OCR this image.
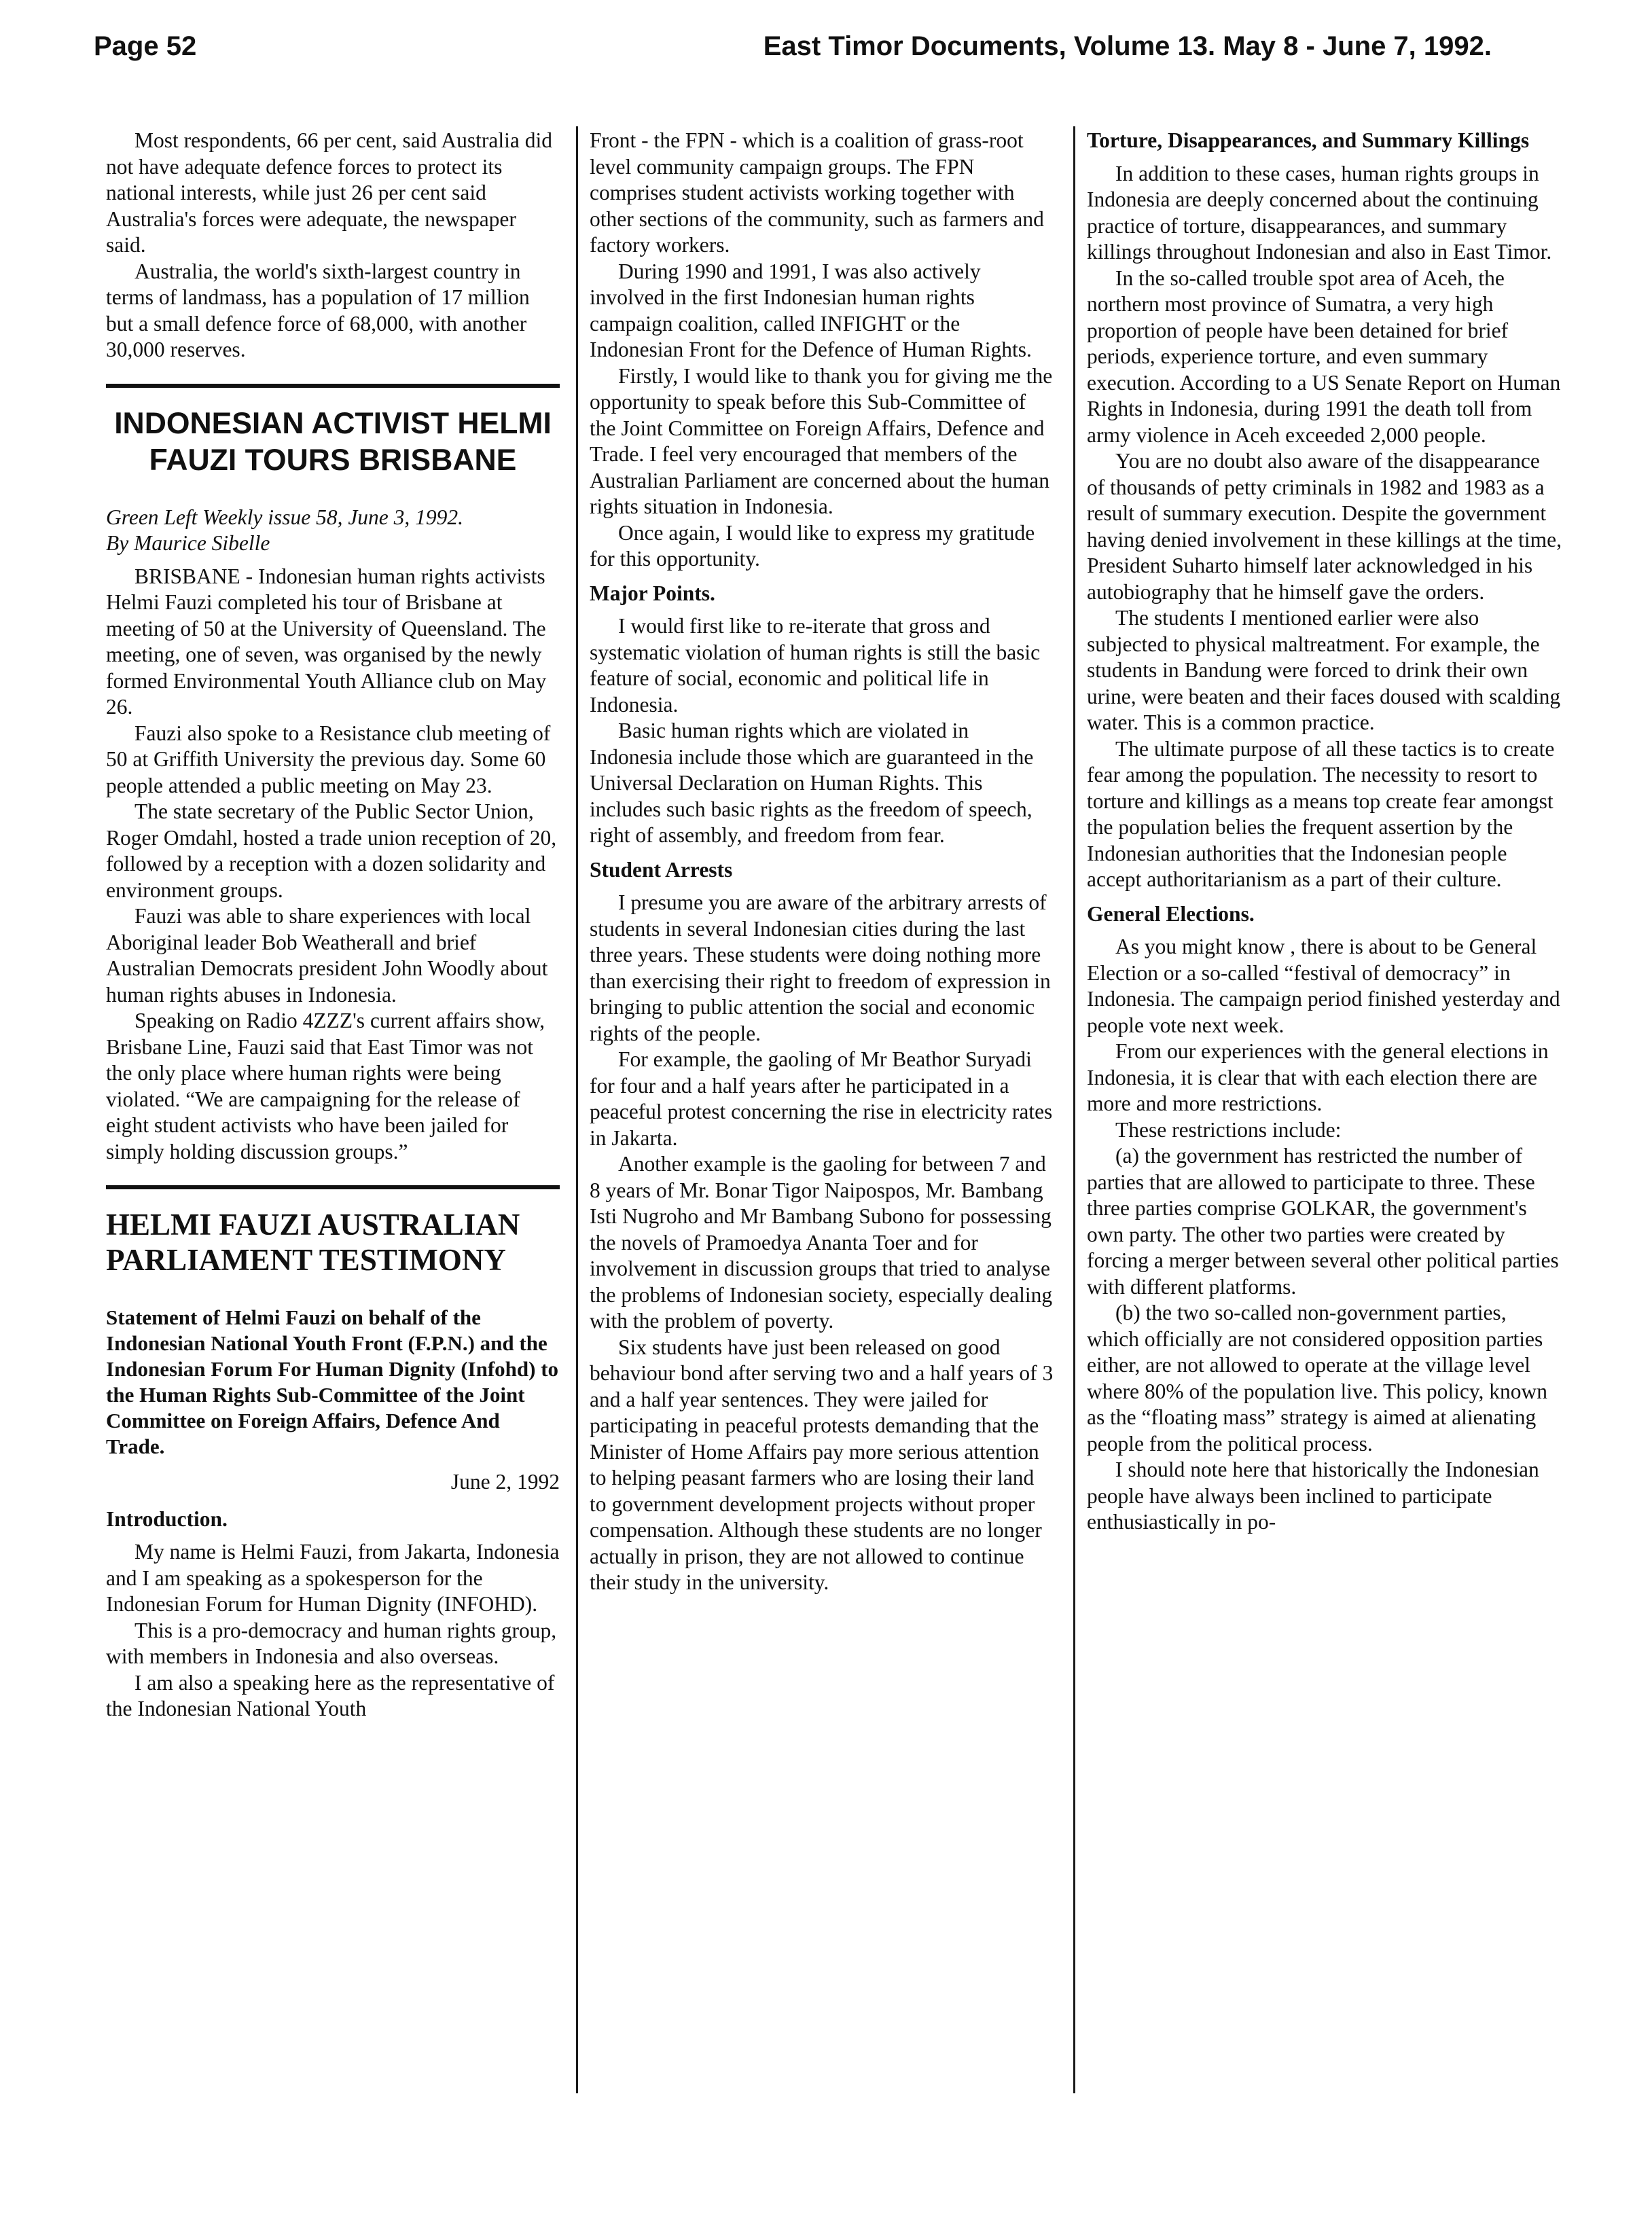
Page 52	East Timor Documents, Volume 13. May 8 - June 7, 1992.

Most respondents, 66 per cent, said Australia did not have adequate defence forces to protect its national interests, while just 26 per cent said Australia's forces were adequate, the newspaper said.

Australia, the world's sixth-largest country in terms of landmass, has a population of 17 million but a small defence force of 68,000, with another 30,000 reserves.

INDONESIAN ACTIVIST HELMI FAUZI TOURS BRISBANE
Green Left Weekly issue 58, June 3, 1992.
By Maurice Sibelle

BRISBANE - Indonesian human rights activists Helmi Fauzi completed his tour of Brisbane at meeting of 50 at the University of Queensland. The meeting, one of seven, was organised by the newly formed Environmental Youth Alliance club on May 26.

Fauzi also spoke to a Resistance club meeting of 50 at Griffith University the previous day. Some 60 people attended a public meeting on May 23.

The state secretary of the Public Sector Union, Roger Omdahl, hosted a trade union reception of 20, followed by a reception with a dozen solidarity and environment groups.

Fauzi was able to share experiences with local Aboriginal leader Bob Weatherall and brief Australian Democrats president John Woodly about human rights abuses in Indonesia.

Speaking on Radio 4ZZZ's current affairs show, Brisbane Line, Fauzi said that East Timor was not the only place where human rights were being violated. “We are campaigning for the release of eight student activists who have been jailed for simply holding discussion groups.”

HELMI FAUZI AUSTRALIAN PARLIAMENT TESTIMONY
Statement of Helmi Fauzi on behalf of the Indonesian National Youth Front (F.P.N.) and the Indonesian Forum For Human Dignity (Infohd) to the Human Rights Sub-Committee of the Joint Committee on Foreign Affairs, Defence And Trade.
June 2, 1992
Introduction.

My name is Helmi Fauzi, from Jakarta, Indonesia and I am speaking as a spokesperson for the Indonesian Forum for Human Dignity (INFOHD).

This is a pro-democracy and human rights group, with members in Indonesia and also overseas.

I am also a speaking here as the representative of the Indonesian National Youth

Front - the FPN - which is a coalition of grass-root level community campaign groups. The FPN comprises student activists working together with other sections of the community, such as farmers and factory workers.

During 1990 and 1991, I was also actively involved in the first Indonesian human rights campaign coalition, called INFIGHT or the Indonesian Front for the Defence of Human Rights.

Firstly, I would like to thank you for giving me the opportunity to speak before this Sub-Committee of the Joint Committee on Foreign Affairs, Defence and Trade. I feel very encouraged that members of the Australian Parliament are concerned about the human rights situation in Indonesia.

Once again, I would like to express my gratitude for this opportunity.

Major Points.

I would first like to re-iterate that gross and systematic violation of human rights is still the basic feature of social, economic and political life in Indonesia.

Basic human rights which are violated in Indonesia include those which are guaranteed in the Universal Declaration on Human Rights. This includes such basic rights as the freedom of speech, right of assembly, and freedom from fear.

Student Arrests

I presume you are aware of the arbitrary arrests of students in several Indonesian cities during the last three years. These students were doing nothing more than exercising their right to freedom of expression in bringing to public attention the social and economic rights of the people.

For example, the gaoling of Mr Beathor Suryadi for four and a half years after he participated in a peaceful protest concerning the rise in electricity rates in Jakarta.

Another example is the gaoling for between 7 and 8 years of Mr. Bonar Tigor Naipospos, Mr. Bambang Isti Nugroho and Mr Bambang Subono for possessing the novels of Pramoedya Ananta Toer and for involvement in discussion groups that tried to analyse the problems of Indonesian society, especially dealing with the problem of poverty.

Six students have just been released on good behaviour bond after serving two and a half years of 3 and a half year sentences. They were jailed for participating in peaceful protests demanding that the Minister of Home Affairs pay more serious attention to helping peasant farmers who are losing their land to government development projects without proper compensation. Although these students are no longer actually in prison, they are not allowed to continue their study in the university.

Torture, Disappearances, and Summary Killings

In addition to these cases, human rights groups in Indonesia are deeply concerned about the continuing practice of torture, disappearances, and summary killings throughout Indonesian and also in East Timor.

In the so-called trouble spot area of Aceh, the northern most province of Sumatra, a very high proportion of people have been detained for brief periods, experience torture, and even summary execution. According to a US Senate Report on Human Rights in Indonesia, during 1991 the death toll from army violence in Aceh exceeded 2,000 people.

You are no doubt also aware of the disappearance of thousands of petty criminals in 1982 and 1983 as a result of summary execution. Despite the government having denied involvement in these killings at the time, President Suharto himself later acknowledged in his autobiography that he himself gave the orders.

The students I mentioned earlier were also subjected to physical maltreatment. For example, the students in Bandung were forced to drink their own urine, were beaten and their faces doused with scalding water. This is a common practice.

The ultimate purpose of all these tactics is to create fear among the population. The necessity to resort to torture and killings as a means top create fear amongst the population belies the frequent assertion by the Indonesian authorities that the Indonesian people accept authoritarianism as a part of their culture.

General Elections.

As you might know , there is about to be General Election or a so-called “festival of democracy” in Indonesia. The campaign period finished yesterday and people vote next week.

From our experiences with the general elections in Indonesia, it is clear that with each election there are more and more restrictions.

These restrictions include:

(a) the government has restricted the number of parties that are allowed to participate to three. These three parties comprise GOLKAR, the government's own party. The other two parties were created by forcing a merger between several other political parties with different platforms.

(b) the two so-called non-government parties, which officially are not considered opposition parties either, are not allowed to operate at the village level where 80% of the population live. This policy, known as the “floating mass” strategy is aimed at alienating people from the political process.

I should note here that historically the Indonesian people have always been inclined to participate enthusiastically in po-
